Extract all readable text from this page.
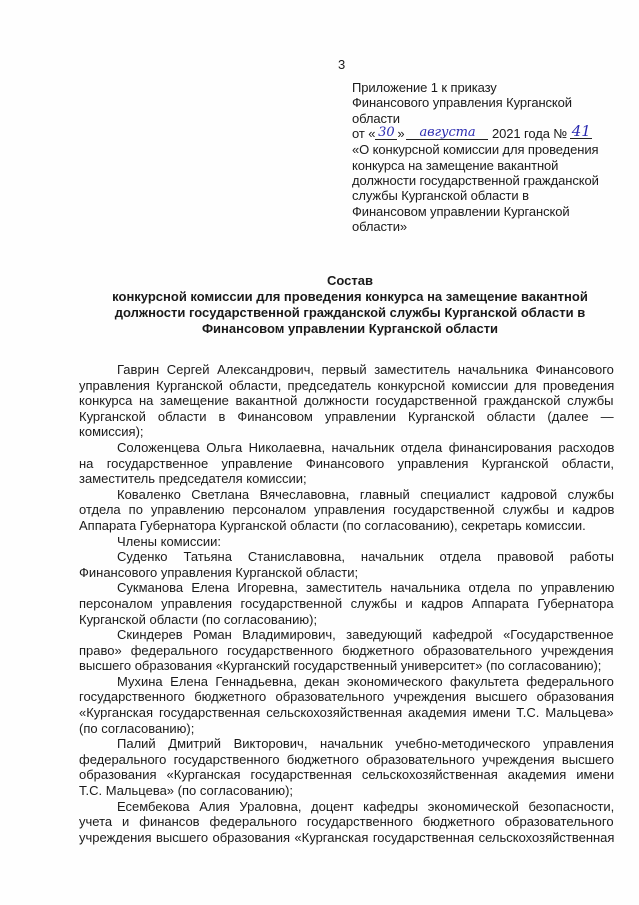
3
Приложение 1 к приказу
Финансового управления Курганской
области
от « 30 » августа 2021 года № 41
«О конкурсной комиссии для проведения
конкурса на замещение вакантной
должности государственной гражданской
службы Курганской области в
Финансовом управлении Курганской
области»
Состав
конкурсной комиссии для проведения конкурса на замещение вакантной
должности государственной гражданской службы Курганской области в
Финансовом управлении Курганской области
Гаврин Сергей Александрович, первый заместитель начальника Финансового
управления Курганской области, председатель конкурсной комиссии для проведения
конкурса на замещение вакантной должности государственной гражданской службы
Курганской области в Финансовом управлении Курганской области (далее —
комиссия);
Соложенцева Ольга Николаевна, начальник отдела финансирования расходов
на государственное управление Финансового управления Курганской области,
заместитель председателя комиссии;
Коваленко Светлана Вячеславовна, главный специалист кадровой службы
отдела по управлению персоналом управления государственной службы и кадров
Аппарата Губернатора Курганской области (по согласованию), секретарь комиссии.
Члены комиссии:
Суденко Татьяна Станиславовна, начальник отдела правовой работы
Финансового управления Курганской области;
Сукманова Елена Игоревна, заместитель начальника отдела по управлению
персоналом управления государственной службы и кадров Аппарата Губернатора
Курганской области (по согласованию);
Скиндерев Роман Владимирович, заведующий кафедрой «Государственное
право» федерального государственного бюджетного образовательного учреждения
высшего образования «Курганский государственный университет» (по согласованию);
Мухина Елена Геннадьевна, декан экономического факультета федерального
государственного бюджетного образовательного учреждения высшего образования
«Курганская государственная сельскохозяйственная академия имени Т.С. Мальцева»
(по согласованию);
Палий Дмитрий Викторович, начальник учебно-методического управления
федерального государственного бюджетного образовательного учреждения высшего
образования «Курганская государственная сельскохозяйственная академия имени
Т.С. Мальцева» (по согласованию);
Есембекова Алия Ураловна, доцент кафедры экономической безопасности,
учета и финансов федерального государственного бюджетного образовательного
учреждения высшего образования «Курганская государственная сельскохозяйственная
